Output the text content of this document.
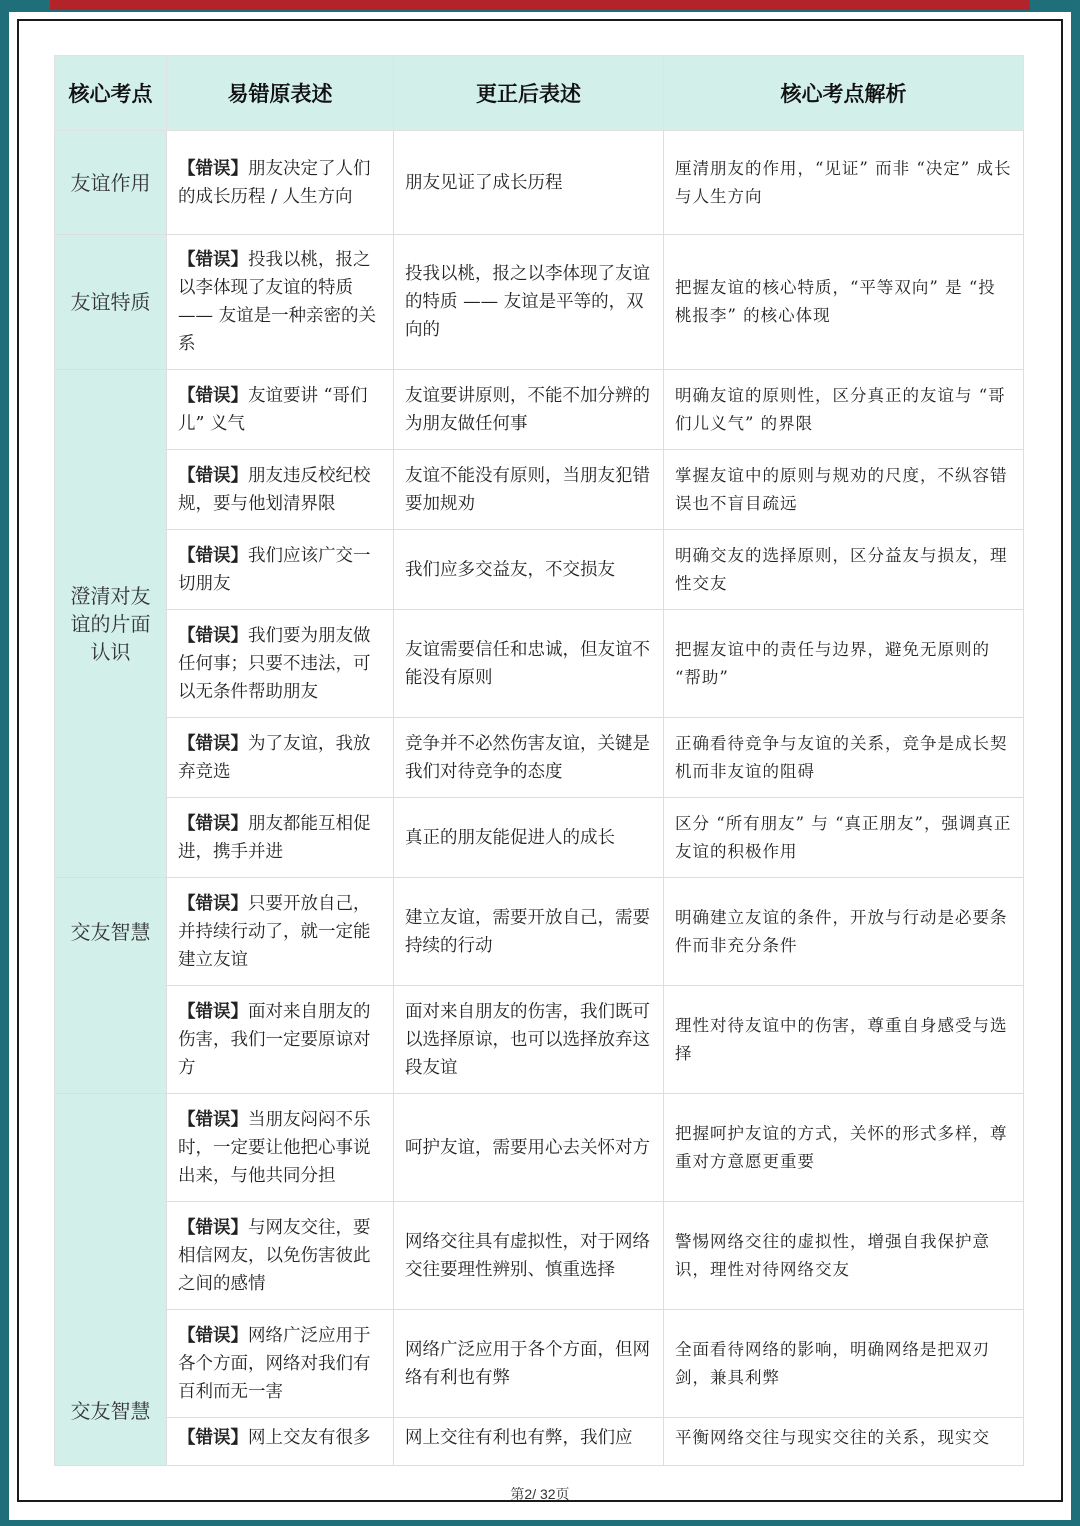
核心考点	易错原表述	更正后表述	核心考点解析
友谊作用	【错误】朋友决定了人们的成长历程 / 人生方向	朋友见证了成长历程	厘清朋友的作用，“见证” 而非 “决定” 成长与人生方向
友谊特质	【错误】投我以桃，报之以李体现了友谊的特质 —— 友谊是一种亲密的关系	投我以桃，报之以李体现了友谊的特质 —— 友谊是平等的，双向的	把握友谊的核心特质，“平等双向” 是 “投桃报李” 的核心体现
澄清对友谊的片面认识	【错误】友谊要讲 “哥们儿” 义气	友谊要讲原则，不能不加分辨的为朋友做任何事	明确友谊的原则性，区分真正的友谊与 “哥们儿义气” 的界限
	【错误】朋友违反校纪校规，要与他划清界限	友谊不能没有原则，当朋友犯错要加规劝	掌握友谊中的原则与规劝的尺度，不纵容错误也不盲目疏远
	【错误】我们应该广交一切朋友	我们应多交益友，不交损友	明确交友的选择原则，区分益友与损友，理性交友
	【错误】我们要为朋友做任何事；只要不违法，可以无条件帮助朋友	友谊需要信任和忠诚，但友谊不能没有原则	把握友谊中的责任与边界，避免无原则的 “帮助”
	【错误】为了友谊，我放弃竞选	竞争并不必然伤害友谊，关键是我们对待竞争的态度	正确看待竞争与友谊的关系，竞争是成长契机而非友谊的阻碍
	【错误】朋友都能互相促进，携手并进	真正的朋友能促进人的成长	区分 “所有朋友” 与 “真正朋友”，强调真正友谊的积极作用
交友智慧	【错误】只要开放自己，并持续行动了，就一定能建立友谊	建立友谊，需要开放自己，需要持续的行动	明确建立友谊的条件，开放与行动是必要条件而非充分条件
	【错误】面对来自朋友的伤害，我们一定要原谅对方	面对来自朋友的伤害，我们既可以选择原谅，也可以选择放弃这段友谊	理性对待友谊中的伤害，尊重自身感受与选择
交友智慧	【错误】当朋友闷闷不乐时，一定要让他把心事说出来，与他共同分担	呵护友谊，需要用心去关怀对方	把握呵护友谊的方式，关怀的形式多样，尊重对方意愿更重要
	【错误】与网友交往，要相信网友，以免伤害彼此之间的感情	网络交往具有虚拟性，对于网络交往要理性辨别、慎重选择	警惕网络交往的虚拟性，增强自我保护意识，理性对待网络交友
	【错误】网络广泛应用于各个方面，网络对我们有百利而无一害	网络广泛应用于各个方面，但网络有利也有弊	全面看待网络的影响，明确网络是把双刃剑，兼具利弊
	【错误】网上交友有很多	网上交往有利也有弊，我们应	平衡网络交往与现实交往的关系，现实交
第2/ 32页
